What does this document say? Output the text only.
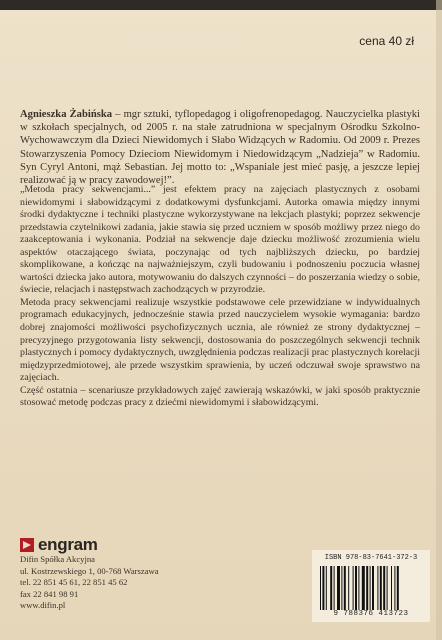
cena 40 zł
Agnieszka Żabińska – mgr sztuki, tyflopedagog i oligofrenopedagog. Nauczycielka plastyki w szkołach specjalnych, od 2005 r. na stałe zatrudniona w specjalnym Ośrodku Szkolno-Wychowawczym dla Dzieci Niewidomych i Słabo Widzących w Radomiu. Od 2009 r. Prezes Stowarzyszenia Pomocy Dzieciom Niewidomym i Niedowidzącym „Nadzieja” w Radomiu. Syn Cyryl Antoni, mąż Sebastian. Jej motto to: „Wspaniale jest mieć pasję, a jeszcze lepiej realizować ją w pracy zawodowej!”.

„Metoda pracy sekwencjami...” jest efektem pracy na zajęciach plastycznych z osobami niewidomymi i słabowidzącymi z dodatkowymi dysfunkcjami. Autorka omawia między innymi środki dydaktyczne i techniki plastyczne wykorzystywane na lekcjach plastyki; poprzez sekwencje przedstawia czytelnikowi zadania, jakie stawia się przed uczniem w sposób możliwy przez niego do zaakceptowania i wykonania. Podział na sekwencje daje dziecku możliwość zrozumienia wielu aspektów otaczającego świata, poczynając od tych najbliższych dziecku, po bardziej skomplikowane, a kończąc na najważniejszym, czyli budowaniu i podnoszeniu poczucia własnej wartości dziecka jako autora, motywowaniu do dalszych czynności – do poszerzania wiedzy o sobie, świecie, relacjach i następstwach zachodzących w przyrodzie.

Metoda pracy sekwencjami realizuje wszystkie podstawowe cele przewidziane w indywidualnych programach edukacyjnych, jednocześnie stawia przed nauczycielem wysokie wymagania: bardzo dobrej znajomości możliwości psychofizycznych ucznia, ale również ze strony dydaktycznej – precyzyjnego przygotowania listy sekwencji, dostosowania do poszczególnych sekwencji technik plastycznych i pomocy dydaktycznych, uwzględnienia podczas realizacji prac plastycznych korelacji międzyprzedmiotowej, ale przede wszystkim sprawienia, by uczeń odczuwał swoje sprawstwo na zajęciach.

Część ostatnia – scenariusze przykładowych zajęć zawierają wskazówki, w jaki sposób praktycznie stosować metodę podczas pracy z dziećmi niewidomymi i słabowidzącymi.

engram
Difin Spółka Akcyjna
ul. Kostrzewskiego 1, 00-768 Warszawa
tel. 22 851 45 61, 22 851 45 62
fax 22 841 98 91
www.difin.pl
ISBN 978-83-7641-372-3
9 788376 413723
